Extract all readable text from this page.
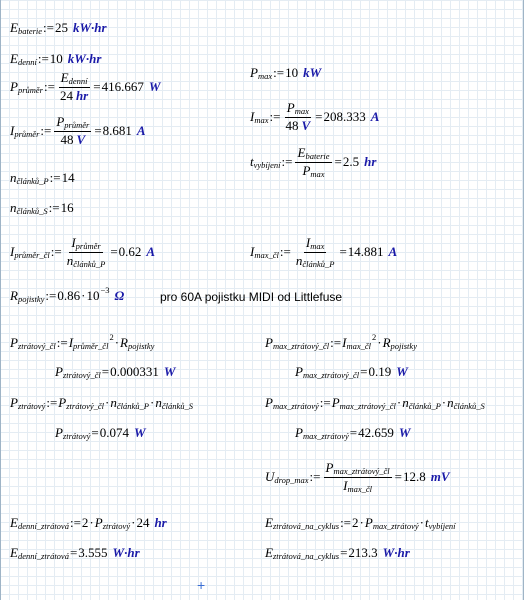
$E_{baterie}$ := 25 kW·hr
$E_{denní}$ := 10 kW·hr
$P_{max}$ := 10 kW
$P_{průměr}$ := $\frac{E_{denní}}{24 hr} = 416.667$ W
$I_{max}$ := $\frac{P_{max}}{48 V} = 208.333$ A
$I_{průměr}$ := $\frac{P_{průměr}}{48 V} = 8.681$ A
$t_{vybíjení}$ := $\frac{E_{baterie}}{P_{max}} = 2.5$ hr
$n_{článků\_P}$ := 14
$n_{článků\_S}$ := 16
$I_{průměr\_čl}$ := $\frac{I_{průměr}}{n_{článků\_P}} = 0.62$ A	$I_{max\_čl}$ := $\frac{I_{max}}{n_{článků\_P}} = 14.881$ A
$R_{pojistky}$ := 0.86 · 10 −3 Ω	pro 60A pojistku MIDI od Littlefuse
$P_{ztrátový\_čl}$ := $I_{průměr\_čl}$
$2 \cdot R_{pojistky}$	$P_{max\_ztrátový\_čl}$ := $I_{max\_čl}$
$2 \cdot R_{pojistky}$
$P_{ztrátový\_čl} = 0.000331$ W	$P_{max\_ztrátový\_čl} = 0.19$ W
$P_{ztrátový}$ := $P_{ztrátový\_čl} \cdot n_{článků\_P} \cdot n_{článků\_S}$	$P_{max\_ztrátový}$ := $P_{max\_ztrátový\_čl} \cdot n_{článků\_P} \cdot n_{článků\_S}$
$P_{ztrátový} = 0.074$ W	$P_{max\_ztrátový} = 42.659$ W
$U_{drop\_max}$ := $\frac{P_{max\_ztrátový\_čl}}{I_{max\_čl}} = 12.8$ mV
$E_{denní\_ztrátová}$ := $2 \cdot P_{ztrátový} \cdot 24$ hr	$E_{ztrátová\_na\_cyklus}$ := $2 \cdot P_{max\_ztrátový} \cdot t_{vybíjení}$
$E_{denní\_ztrátová} = 3.555$ W·hr	$E_{ztrátová\_na\_cyklus} = 213.3$ W·hr
+
